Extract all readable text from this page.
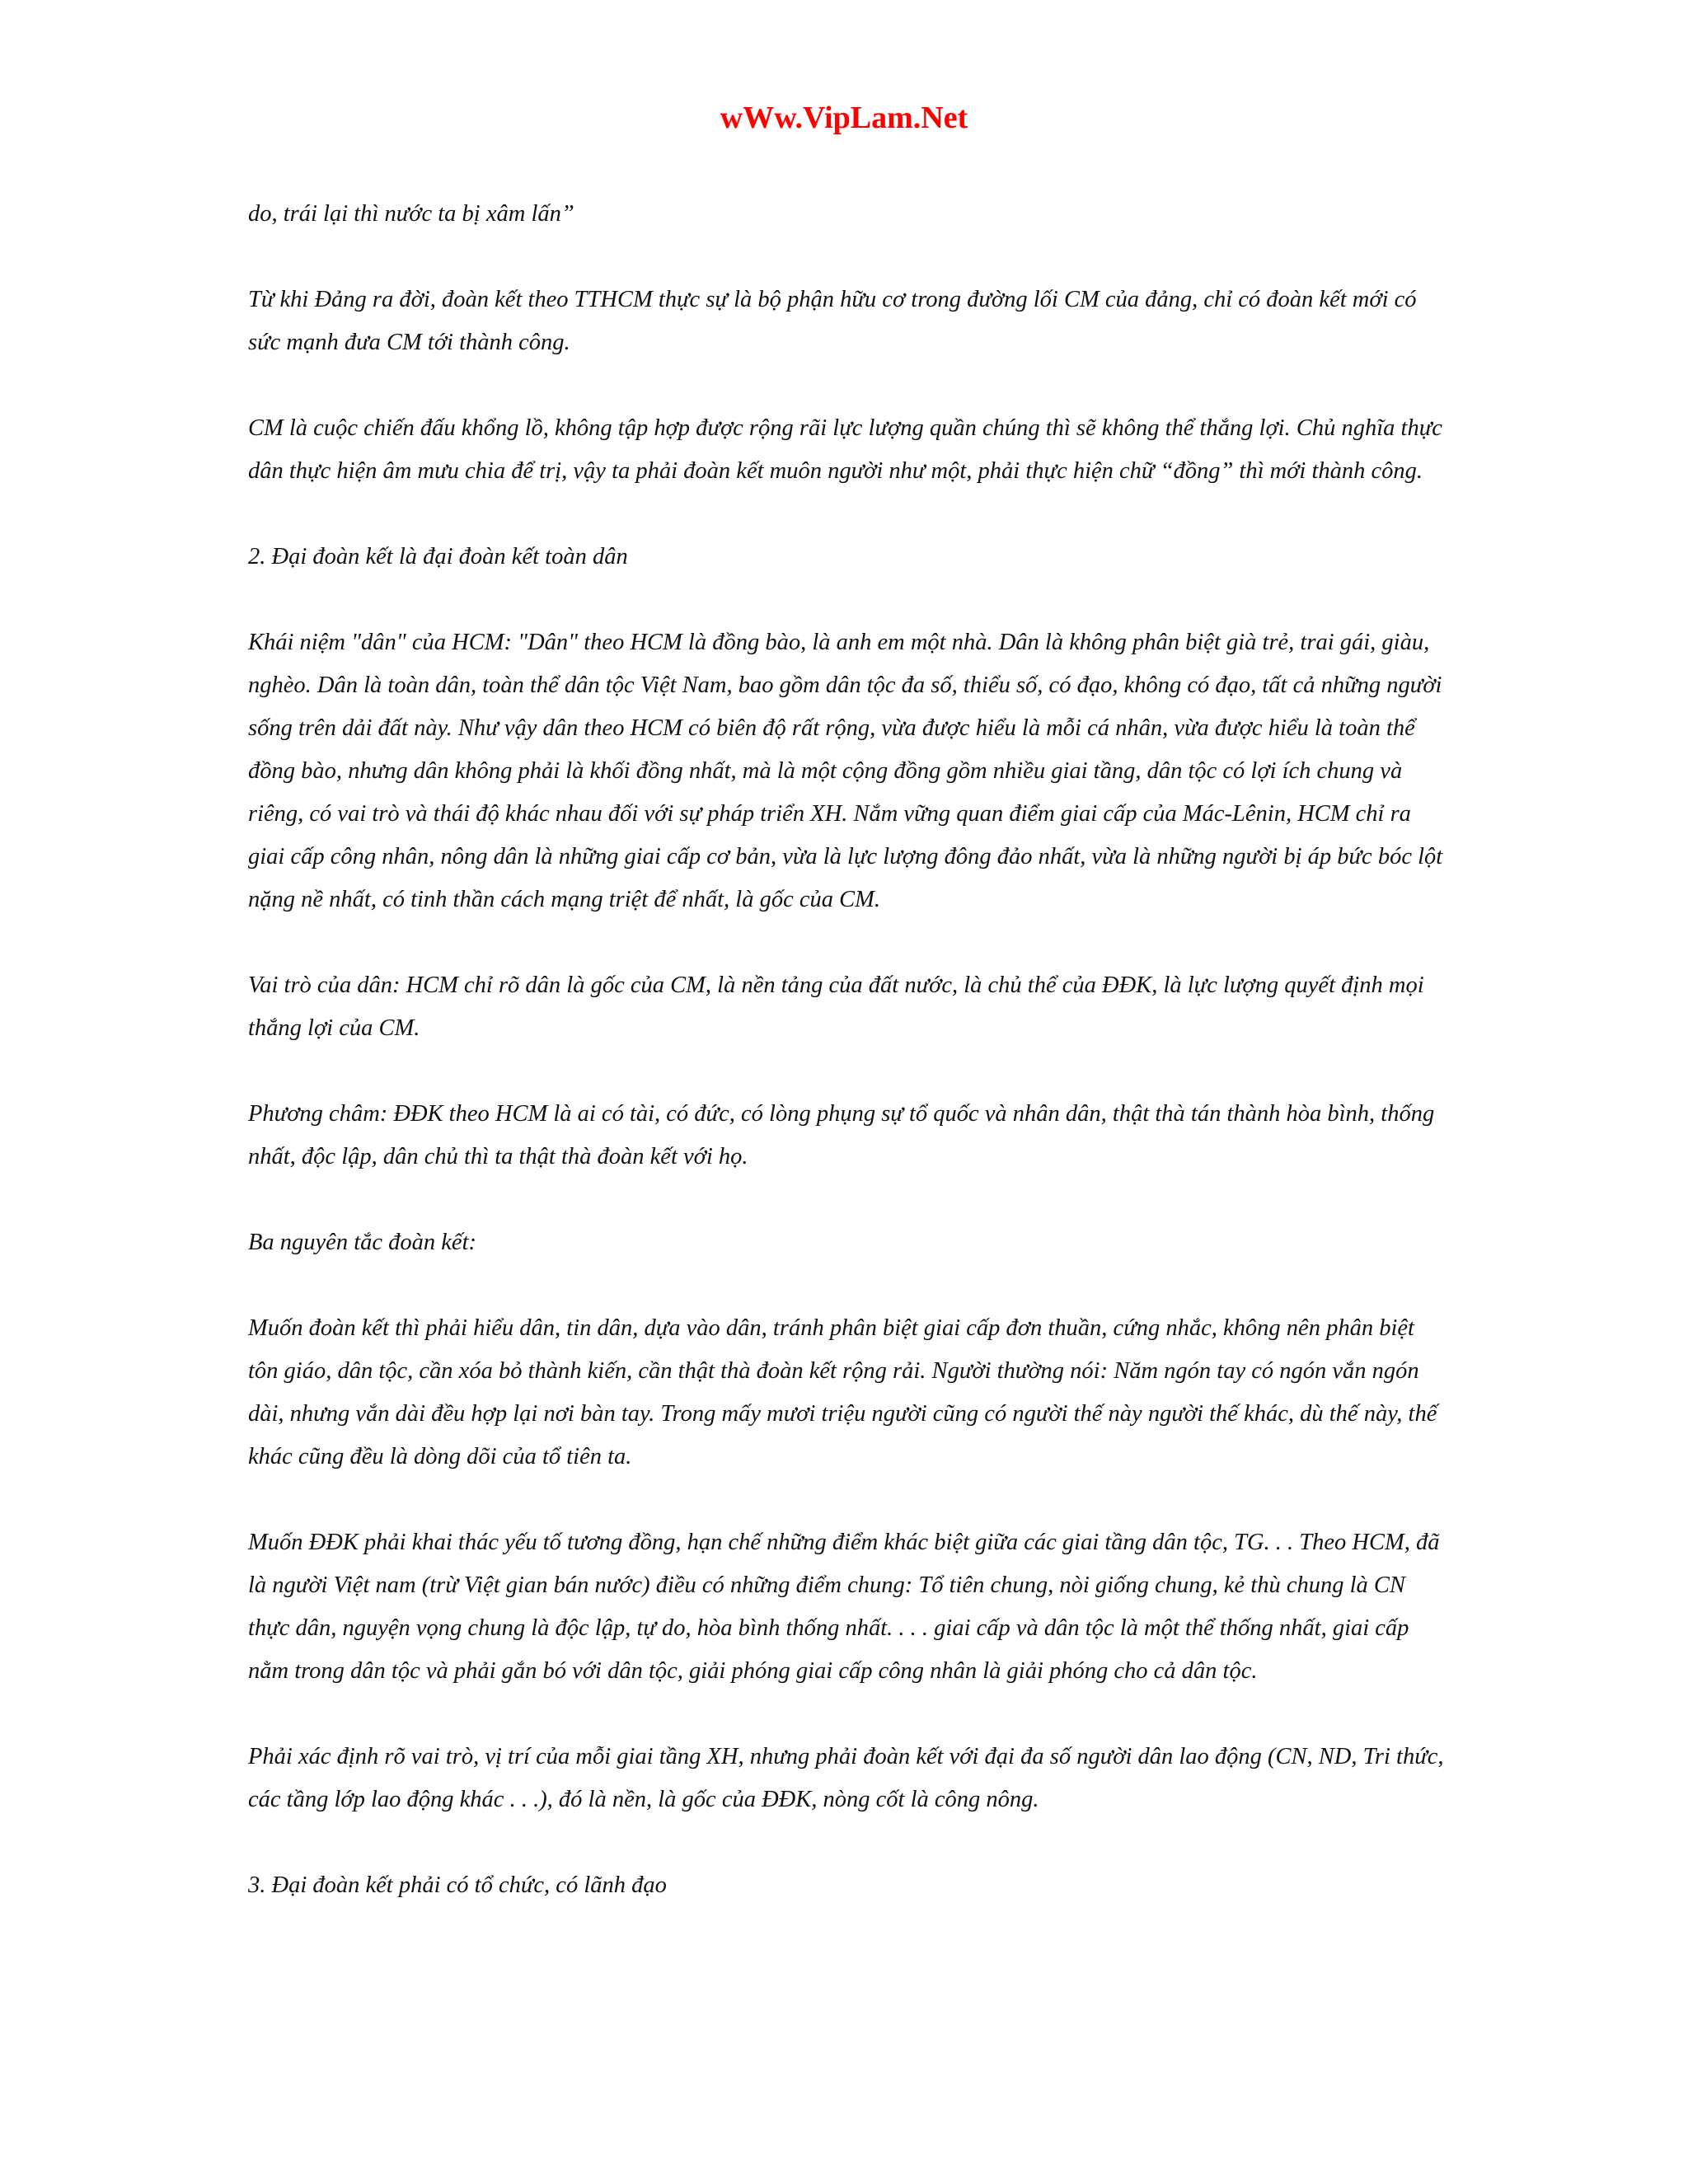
wWw.VipLam.Net

do, trái lại thì nước ta bị xâm lấn”

Từ khi Đảng ra đời, đoàn kết theo TTHCM thực sự là bộ phận hữu cơ trong đường lối CM của đảng, chỉ có đoàn kết mới có sức mạnh đưa CM tới thành công.

CM là cuộc chiến đấu khổng lồ, không tập hợp được rộng rãi lực lượng quần chúng thì sẽ không thể thắng lợi. Chủ nghĩa thực dân thực hiện âm mưu chia để trị, vậy ta phải đoàn kết muôn người như một, phải thực hiện chữ “đồng” thì mới thành công.

2. Đại đoàn kết là đại đoàn kết toàn dân

Khái niệm "dân" của HCM: "Dân" theo HCM là đồng bào, là anh em một nhà. Dân là không phân biệt già trẻ, trai gái, giàu, nghèo. Dân là toàn dân, toàn thể dân tộc Việt Nam, bao gồm dân tộc đa số, thiểu số, có đạo, không có đạo, tất cả những người sống trên dải đất này. Như vậy dân theo HCM có biên độ rất rộng, vừa được hiểu là mỗi cá nhân, vừa được hiểu là toàn thể đồng bào, nhưng dân không phải là khối đồng nhất, mà là một cộng đồng gồm nhiều giai tầng, dân tộc có lợi ích chung và riêng, có vai trò và thái độ khác nhau đối với sự pháp triển XH. Nắm vững quan điểm giai cấp của Mác-Lênin, HCM chỉ ra giai cấp công nhân, nông dân là những giai cấp cơ bản, vừa là lực lượng đông đảo nhất, vừa là những người bị áp bức bóc lột nặng nề nhất, có tinh thần cách mạng triệt để nhất, là gốc của CM.

Vai trò của dân: HCM chỉ rõ dân là gốc của CM, là nền tảng của đất nước, là chủ thể của ĐĐK, là lực lượng quyết định mọi thắng lợi của CM.

Phương châm: ĐĐK theo HCM là ai có tài, có đức, có lòng phụng sự tổ quốc và nhân dân, thật thà tán thành hòa bình, thống nhất, độc lập, dân chủ thì ta thật thà đoàn kết với họ.

Ba nguyên tắc đoàn kết:

Muốn đoàn kết thì phải hiểu dân, tin dân, dựa vào dân, tránh phân biệt giai cấp đơn thuần, cứng nhắc, không nên phân biệt tôn giáo, dân tộc, cần xóa bỏ thành kiến, cần thật thà đoàn kết rộng rải. Người thường nói: Năm ngón tay có ngón vắn ngón dài, nhưng vắn dài đều hợp lại nơi bàn tay. Trong mấy mươi triệu người cũng có người thế này người thế khác, dù thế này, thế khác cũng đều là dòng dõi của tổ tiên ta.

Muốn ĐĐK phải khai thác yếu tố tương đồng, hạn chế những điểm khác biệt giữa các giai tầng dân tộc, TG. . . Theo HCM, đã là người Việt nam (trừ Việt gian bán nước) điều có những điểm chung: Tổ tiên chung, nòi giống chung, kẻ thù chung là CN thực dân, nguyện vọng chung là độc lập, tự do, hòa bình thống nhất. . . . giai cấp và dân tộc là một thể thống nhất, giai cấp nằm trong dân tộc và phải gắn bó với dân tộc, giải phóng giai cấp công nhân là giải phóng cho cả dân tộc.

Phải xác định rõ vai trò, vị trí của mỗi giai tầng XH, nhưng phải đoàn kết với đại đa số người dân lao động (CN, ND, Tri thức, các tầng lớp lao động khác . . .), đó là nền, là gốc của ĐĐK, nòng cốt là công nông.

3. Đại đoàn kết phải có tổ chức, có lãnh đạo
